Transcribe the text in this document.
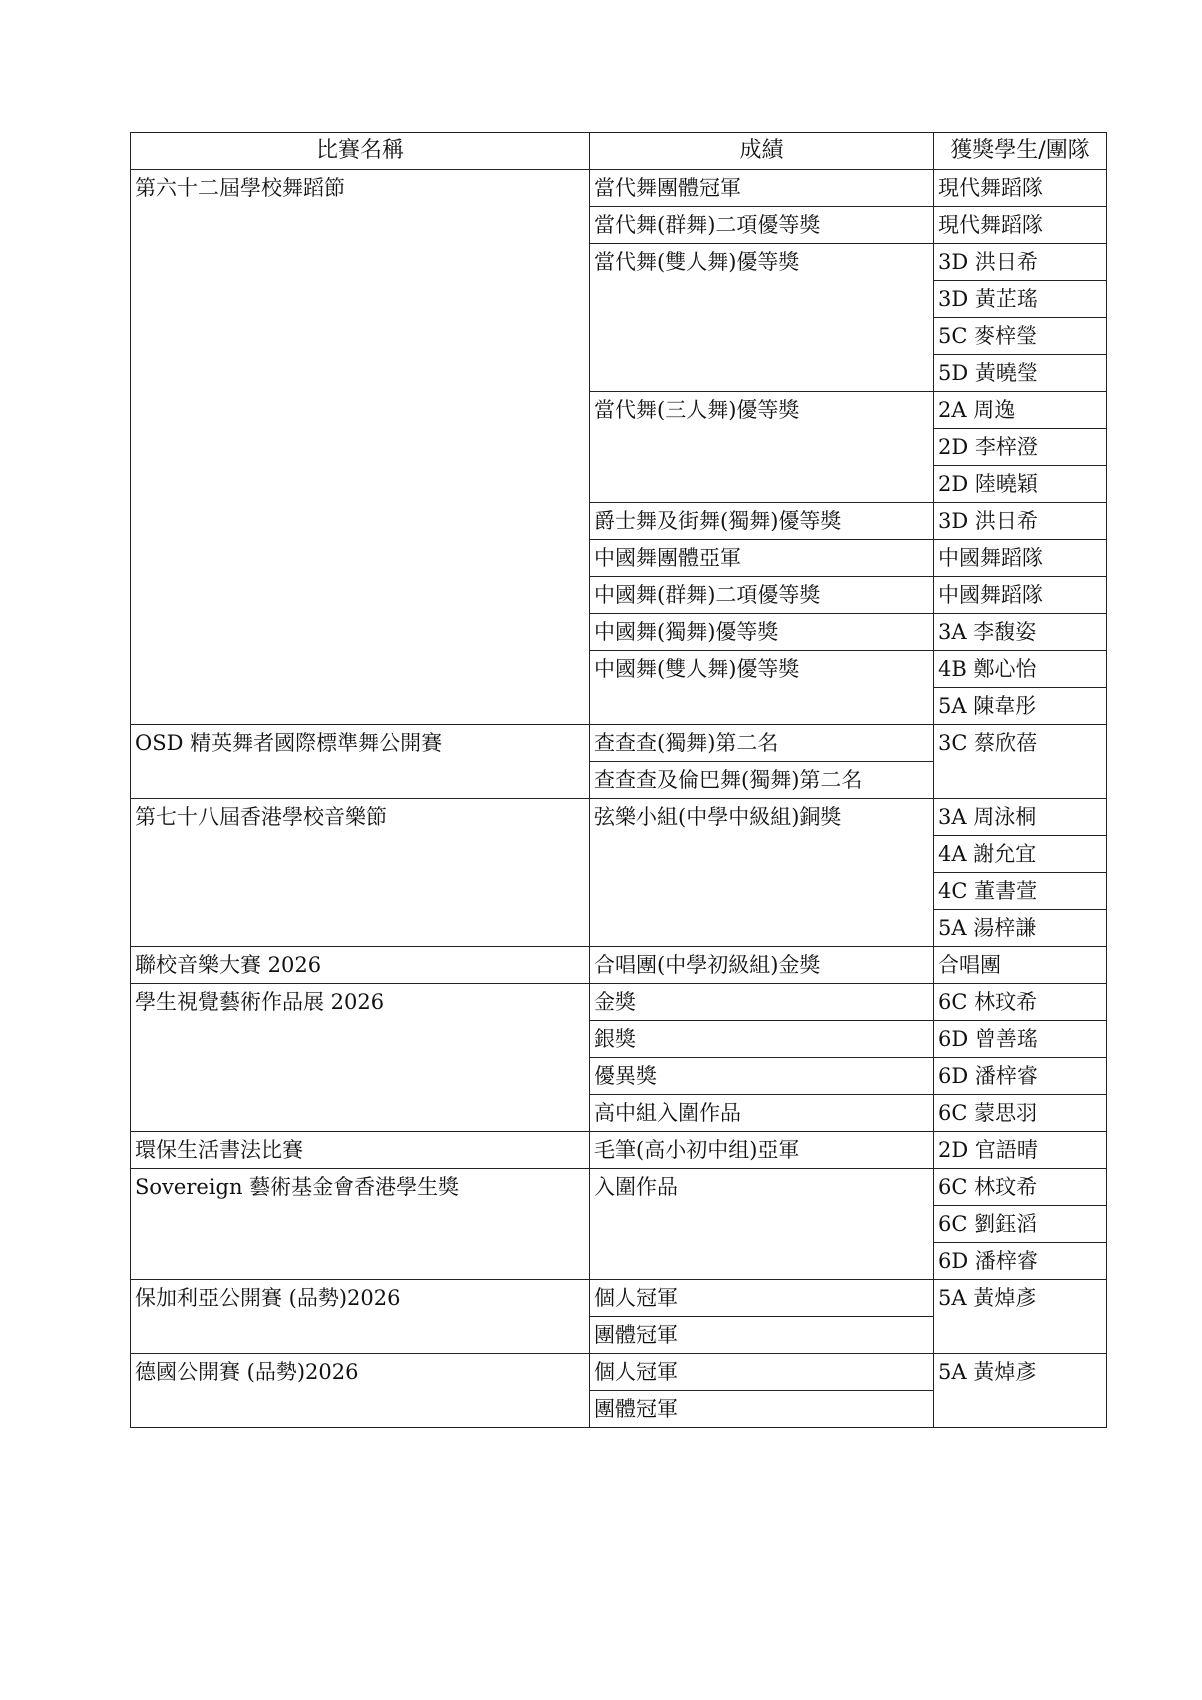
比賽名稱	成績	獲獎學生/團隊
第六十二屆學校舞蹈節	當代舞團體冠軍	現代舞蹈隊
	當代舞(群舞)二項優等獎	現代舞蹈隊
	當代舞(雙人舞)優等獎	3D 洪日希
		3D 黃芷瑤
		5C 麥梓瑩
		5D 黃曉瑩
	當代舞(三人舞)優等獎	2A 周逸
		2D 李梓澄
		2D 陸曉穎
	爵士舞及街舞(獨舞)優等獎	3D 洪日希
	中國舞團體亞軍	中國舞蹈隊
	中國舞(群舞)二項優等獎	中國舞蹈隊
	中國舞(獨舞)優等獎	3A 李馥姿
	中國舞(雙人舞)優等獎	4B 鄭心怡
		5A 陳韋彤
OSD 精英舞者國際標準舞公開賽	查查查(獨舞)第二名	3C 蔡欣蓓
	查查查及倫巴舞(獨舞)第二名	
第七十八屆香港學校音樂節	弦樂小組(中學中級組)銅獎	3A 周泳桐
		4A 謝允宜
		4C 董書萱
		5A 湯梓謙
聯校音樂大賽 2026	合唱團(中學初級組)金獎	合唱團
學生視覺藝術作品展 2026	金獎	6C 林玟希
	銀獎	6D 曾善瑤
	優異獎	6D 潘梓睿
	高中組入圍作品	6C 蒙思羽
環保生活書法比賽	毛筆(高小初中组)亞軍	2D 官語晴
Sovereign 藝術基金會香港學生獎	入圍作品	6C 林玟希
		6C 劉鈺滔
		6D 潘梓睿
保加利亞公開賽 (品勢)2026	個人冠軍	5A 黃焯彥
	團體冠軍	
德國公開賽 (品勢)2026	個人冠軍	5A 黃焯彥
	團體冠軍	
